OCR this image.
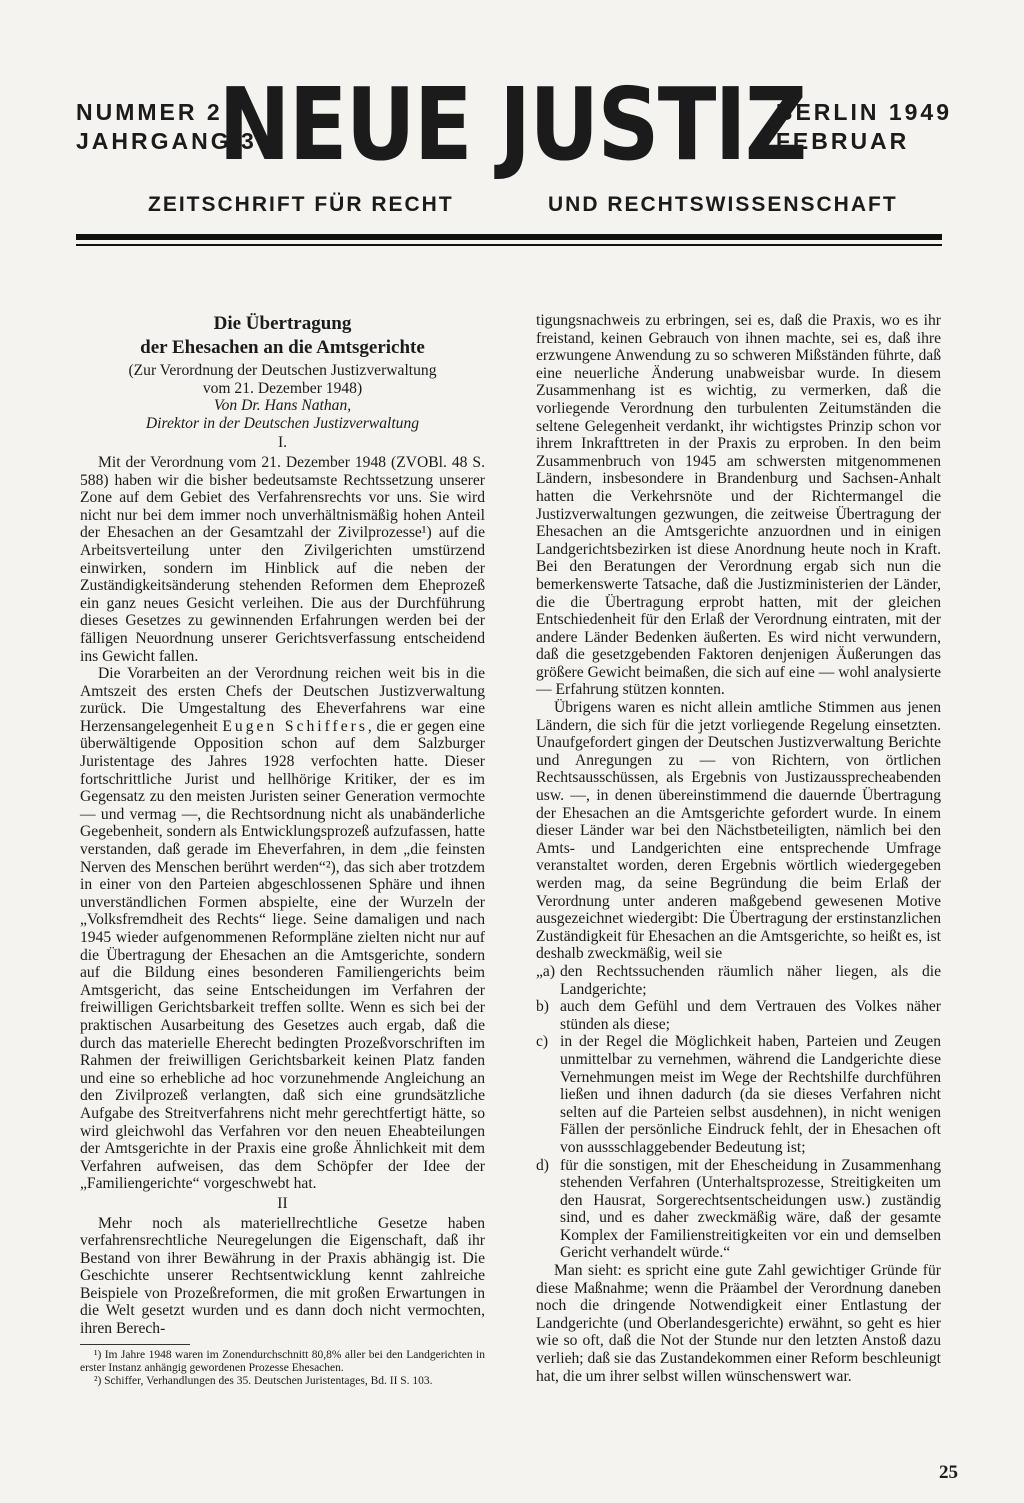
NUMMER 2
JAHRGANG 3
NEUE JUSTIZ
BERLIN 1949
FEBRUAR
ZEITSCHRIFT FÜR RECHT	UND RECHTSWISSENSCHAFT
Die Übertragung
der Ehesachen an die Amtsgerichte
(Zur Verordnung der Deutschen Justizverwaltung
vom 21. Dezember 1948)
Von Dr. Hans Nathan,
Direktor in der Deutschen Justizverwaltung
I.

Mit der Verordnung vom 21. Dezember 1948 (ZVOBl. 48 S. 588) haben wir die bisher bedeutsamste Rechtssetzung unserer Zone auf dem Gebiet des Verfahrensrechts vor uns. Sie wird nicht nur bei dem immer noch unverhältnismäßig hohen Anteil der Ehesachen an der Gesamtzahl der Zivilprozesse¹) auf die Arbeitsverteilung unter den Zivilgerichten umstürzend einwirken, sondern im Hinblick auf die neben der Zuständigkeitsänderung stehenden Reformen dem Eheprozeß ein ganz neues Gesicht verleihen. Die aus der Durchführung dieses Gesetzes zu gewinnenden Erfahrungen werden bei der fälligen Neuordnung unserer Gerichtsverfassung entscheidend ins Gewicht fallen.

Die Vorarbeiten an der Verordnung reichen weit bis in die Amtszeit des ersten Chefs der Deutschen Justizverwaltung zurück. Die Umgestaltung des Eheverfahrens war eine Herzensangelegenheit Eugen Schiffers, die er gegen eine überwältigende Opposition schon auf dem Salzburger Juristentage des Jahres 1928 verfochten hatte. Dieser fortschrittliche Jurist und hellhörige Kritiker, der es im Gegensatz zu den meisten Juristen seiner Generation vermochte — und vermag —, die Rechtsordnung nicht als unabänderliche Gegebenheit, sondern als Entwicklungsprozeß aufzufassen, hatte verstanden, daß gerade im Eheverfahren, in dem „die feinsten Nerven des Menschen berührt werden“²), das sich aber trotzdem in einer von den Parteien abgeschlossenen Sphäre und ihnen unverständlichen Formen abspielte, eine der Wurzeln der „Volksfremdheit des Rechts“ liege. Seine damaligen und nach 1945 wieder aufgenommenen Reformpläne zielten nicht nur auf die Übertragung der Ehesachen an die Amtsgerichte, sondern auf die Bildung eines besonderen Familiengerichts beim Amtsgericht, das seine Entscheidungen im Verfahren der freiwilligen Gerichtsbarkeit treffen sollte. Wenn es sich bei der praktischen Ausarbeitung des Gesetzes auch ergab, daß die durch das materielle Eherecht bedingten Prozeßvorschriften im Rahmen der freiwilligen Gerichtsbarkeit keinen Platz fanden und eine so erhebliche ad hoc vorzunehmende Angleichung an den Zivilprozeß verlangten, daß sich eine grundsätzliche Aufgabe des Streitverfahrens nicht mehr gerechtfertigt hätte, so wird gleichwohl das Verfahren vor den neuen Eheabteilungen der Amtsgerichte in der Praxis eine große Ähnlichkeit mit dem Verfahren aufweisen, das dem Schöpfer der Idee der „Familiengerichte“ vorgeschwebt hat.

II

Mehr noch als materiellrechtliche Gesetze haben verfahrensrechtliche Neuregelungen die Eigenschaft, daß ihr Bestand von ihrer Bewährung in der Praxis abhängig ist. Die Geschichte unserer Rechtsentwicklung kennt zahlreiche Beispiele von Prozeßreformen, die mit großen Erwartungen in die Welt gesetzt wurden und es dann doch nicht vermochten, ihren Berech-

¹) Im Jahre 1948 waren im Zonendurchschnitt 80,8% aller bei den Landgerichten in erster Instanz anhängig gewordenen Prozesse Ehesachen.

²) Schiffer, Verhandlungen des 35. Deutschen Juristentages, Bd. II S. 103.

tigungsnachweis zu erbringen, sei es, daß die Praxis, wo es ihr freistand, keinen Gebrauch von ihnen machte, sei es, daß ihre erzwungene Anwendung zu so schweren Mißständen führte, daß eine neuerliche Änderung unabweisbar wurde. In diesem Zusammenhang ist es wichtig, zu vermerken, daß die vorliegende Verordnung den turbulenten Zeitumständen die seltene Gelegenheit verdankt, ihr wichtigstes Prinzip schon vor ihrem Inkrafttreten in der Praxis zu erproben. In den beim Zusammenbruch von 1945 am schwersten mitgenommenen Ländern, insbesondere in Brandenburg und Sachsen-Anhalt hatten die Verkehrsnöte und der Richtermangel die Justizverwaltungen gezwungen, die zeitweise Übertragung der Ehesachen an die Amtsgerichte anzuordnen und in einigen Landgerichtsbezirken ist diese Anordnung heute noch in Kraft. Bei den Beratungen der Verordnung ergab sich nun die bemerkenswerte Tatsache, daß die Justizministerien der Länder, die die Übertragung erprobt hatten, mit der gleichen Entschiedenheit für den Erlaß der Verordnung eintraten, mit der andere Länder Bedenken äußerten. Es wird nicht verwundern, daß die gesetzgebenden Faktoren denjenigen Äußerungen das größere Gewicht beimaßen, die sich auf eine — wohl analysierte — Erfahrung stützen konnten.

Übrigens waren es nicht allein amtliche Stimmen aus jenen Ländern, die sich für die jetzt vorliegende Regelung einsetzten. Unaufgefordert gingen der Deutschen Justizverwaltung Berichte und Anregungen zu — von Richtern, von örtlichen Rechtsausschüssen, als Ergebnis von Justizaussprecheabenden usw. —, in denen übereinstimmend die dauernde Übertragung der Ehesachen an die Amtsgerichte gefordert wurde. In einem dieser Länder war bei den Nächstbeteiligten, nämlich bei den Amts- und Landgerichten eine entsprechende Umfrage veranstaltet worden, deren Ergebnis wörtlich wiedergegeben werden mag, da seine Begründung die beim Erlaß der Verordnung unter anderen maßgebend gewesenen Motive ausgezeichnet wiedergibt: Die Übertragung der erstinstanzlichen Zuständigkeit für Ehesachen an die Amtsgerichte, so heißt es, ist deshalb zweckmäßig, weil sie

„a) den Rechtssuchenden räumlich näher liegen, als die Landgerichte;
b) auch dem Gefühl und dem Vertrauen des Volkes näher stünden als diese;
c) in der Regel die Möglichkeit haben, Parteien und Zeugen unmittelbar zu vernehmen, während die Landgerichte diese Vernehmungen meist im Wege der Rechtshilfe durchführen ließen und ihnen dadurch (da sie dieses Verfahren nicht selten auf die Parteien selbst ausdehnen), in nicht wenigen Fällen der persönliche Eindruck fehlt, der in Ehesachen oft von aussschlaggebender Bedeutung ist;
d) für die sonstigen, mit der Ehescheidung in Zusammenhang stehenden Verfahren (Unterhaltsprozesse, Streitigkeiten um den Hausrat, Sorgerechtsentscheidungen usw.) zuständig sind, und es daher zweckmäßig wäre, daß der gesamte Komplex der Familienstreitigkeiten vor ein und demselben Gericht verhandelt würde.“

Man sieht: es spricht eine gute Zahl gewichtiger Gründe für diese Maßnahme; wenn die Präambel der Verordnung daneben noch die dringende Notwendigkeit einer Entlastung der Landgerichte (und Oberlandesgerichte) erwähnt, so geht es hier wie so oft, daß die Not der Stunde nur den letzten Anstoß dazu verlieh; daß sie das Zustandekommen einer Reform beschleunigt hat, die um ihrer selbst willen wünschenswert war.

25
